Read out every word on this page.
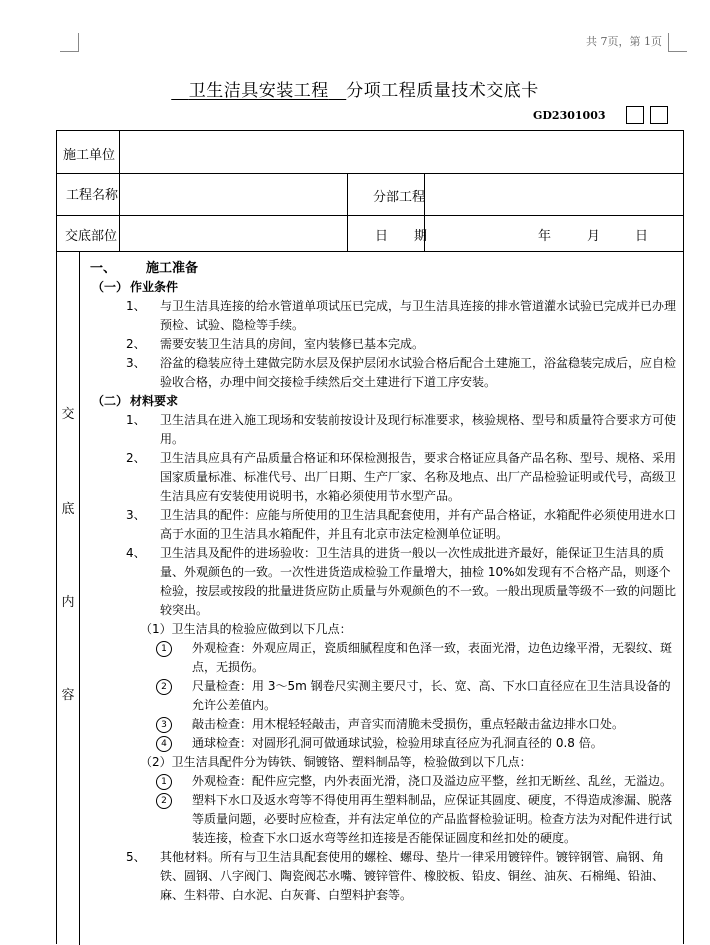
共 7页，第 1页
　卫生洁具安装工程　 分项工程质量技术交底卡
GD2301003
施工单位
工程名称	分部工程
交底部位	日　　期	年	月	日
交
底
内
容
一、 施工准备
（一） 作业条件
1、 与卫生洁具连接的给水管道单项试压已完成，与卫生洁具连接的排水管道灌水试验已完成并已办理预检、试验、隐检等手续。
2、 需要安装卫生洁具的房间，室内装修已基本完成。
3、 浴盆的稳装应待土建做完防水层及保护层闭水试验合格后配合土建施工，浴盆稳装完成后，应自检验收合格，办理中间交接检手续然后交土建进行下道工序安装。
（二） 材料要求
1、 卫生洁具在进入施工现场和安装前按设计及现行标准要求，核验规格、型号和质量符合要求方可使用。
2、 卫生洁具应具有产品质量合格证和环保检测报告，要求合格证应具备产品名称、型号、规格、采用国家质量标准、标准代号、出厂日期、生产厂家、名称及地点、出厂产品检验证明或代号，高级卫生洁具应有安装使用说明书，水箱必须使用节水型产品。
3、 卫生洁具的配件：应能与所使用的卫生洁具配套使用，并有产品合格证，水箱配件必须使用进水口高于水面的卫生洁具水箱配件，并且有北京市法定检测单位证明。
4、 卫生洁具及配件的进场验收：卫生洁具的进货一般以一次性成批进齐最好，能保证卫生洁具的质量、外观颜色的一致。一次性进货造成检验工作量增大，抽检 10%如发现有不合格产品，则逐个检验，按层或按段的批量进货应防止质量与外观颜色的不一致。一般出现质量等级不一致的问题比较突出。
（1）卫生洁具的检验应做到以下几点：
1	外观检查：外观应周正，瓷质细腻程度和色泽一致，表面光滑，边色边缘平滑，无裂纹、斑点，无损伤。
2	尺量检查：用 3～5m 钢卷尺实测主要尺寸，长、宽、高、下水口直径应在卫生洁具设备的允许公差值内。
3	敲击检查：用木棍轻轻敲击，声音实而清脆未受损伤，重点轻敲击盆边排水口处。
4	通球检查：对圆形孔洞可做通球试验，检验用球直径应为孔洞直径的 0.8 倍。
（2）卫生洁具配件分为铸铁、铜镀铬、塑料制品等，检验做到以下几点：
1	外观检查：配件应完整，内外表面光滑，浇口及溢边应平整，丝扣无断丝、乱丝，无溢边。
2	塑料下水口及返水弯等不得使用再生塑料制品，应保证其圆度、硬度，不得造成渗漏、脱落等质量问题，必要时应检查，并有法定单位的产品监督检验证明。检查方法为对配件进行试装连接，检查下水口返水弯等丝扣连接是否能保证圆度和丝扣处的硬度。
5、 其他材料。所有与卫生洁具配套使用的螺栓、螺母、垫片一律采用镀锌件。镀锌钢管、扁钢、角铁、圆钢、八字阀门、陶瓷阀芯水嘴、镀锌管件、橡胶板、铅皮、铜丝、油灰、石棉绳、铅油、麻、生料带、白水泥、白灰膏、白塑料护套等。
